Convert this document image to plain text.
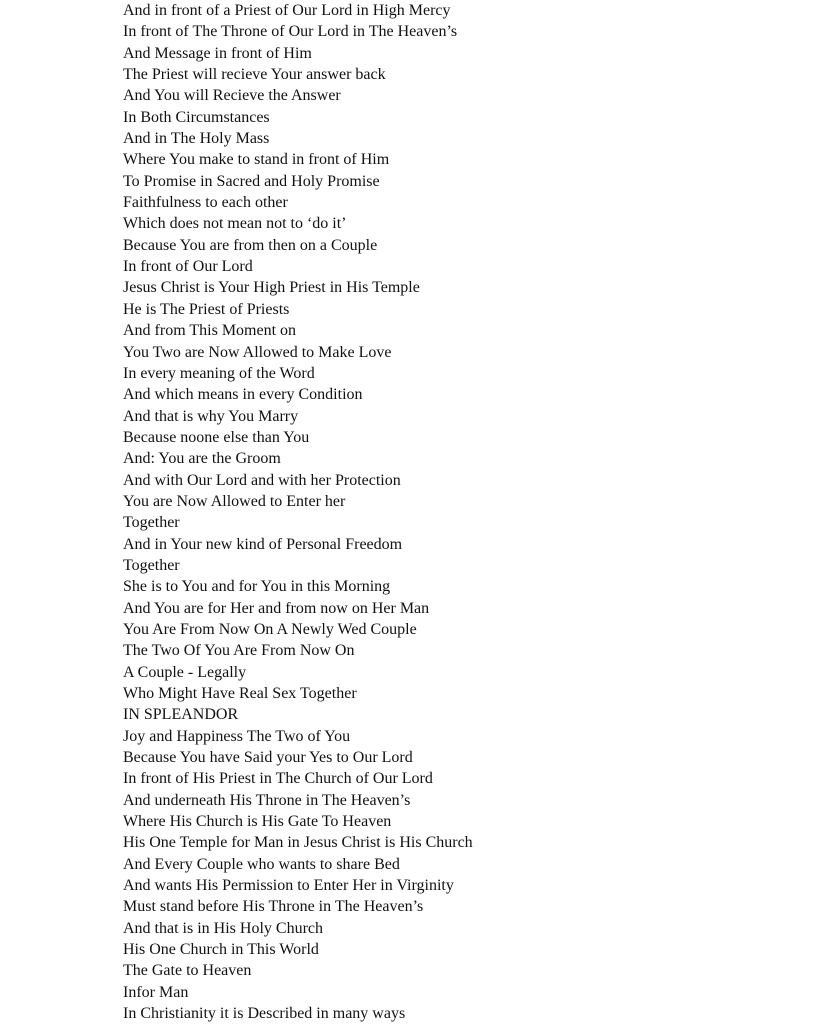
And in front of a Priest of Our Lord in High Mercy
In front of The Throne of Our Lord in The Heaven’s
And Message in front of Him
The Priest will recieve Your answer back
And You will Recieve the Answer
In Both Circumstances
And in The Holy Mass
Where You make to stand in front of Him
To Promise in Sacred and Holy Promise
Faithfulness to each other
Which does not mean not to ‘do it’
Because You are from then on a Couple
In front of Our Lord
Jesus Christ is Your High Priest in His Temple
He is The Priest of Priests
And from This Moment on
You Two are Now Allowed to Make Love
In every meaning of the Word
And which means in every Condition
And that is why You Marry
Because noone else than You
And: You are the Groom
And with Our Lord and with her Protection
You are Now Allowed to Enter her
Together
And in Your new kind of Personal Freedom
Together
She is to You and for You in this Morning
And You are for Her and from now on Her Man
You Are From Now On A Newly Wed Couple
The Two Of You Are From Now On
A Couple - Legally
Who Might Have Real Sex Together
IN SPLEANDOR
Joy and Happiness The Two of You
Because You have Said your Yes to Our Lord
In front of His Priest in The Church of Our Lord
And underneath His Throne in The Heaven’s
Where His Church is His Gate To Heaven
His One Temple for Man in Jesus Christ is His Church
And Every Couple who wants to share Bed
And wants His Permission to Enter Her in Virginity
Must stand before His Throne in The Heaven’s
And that is in His Holy Church
His One Church in This World
The Gate to Heaven
Infor Man
In Christianity it is Described in many ways
